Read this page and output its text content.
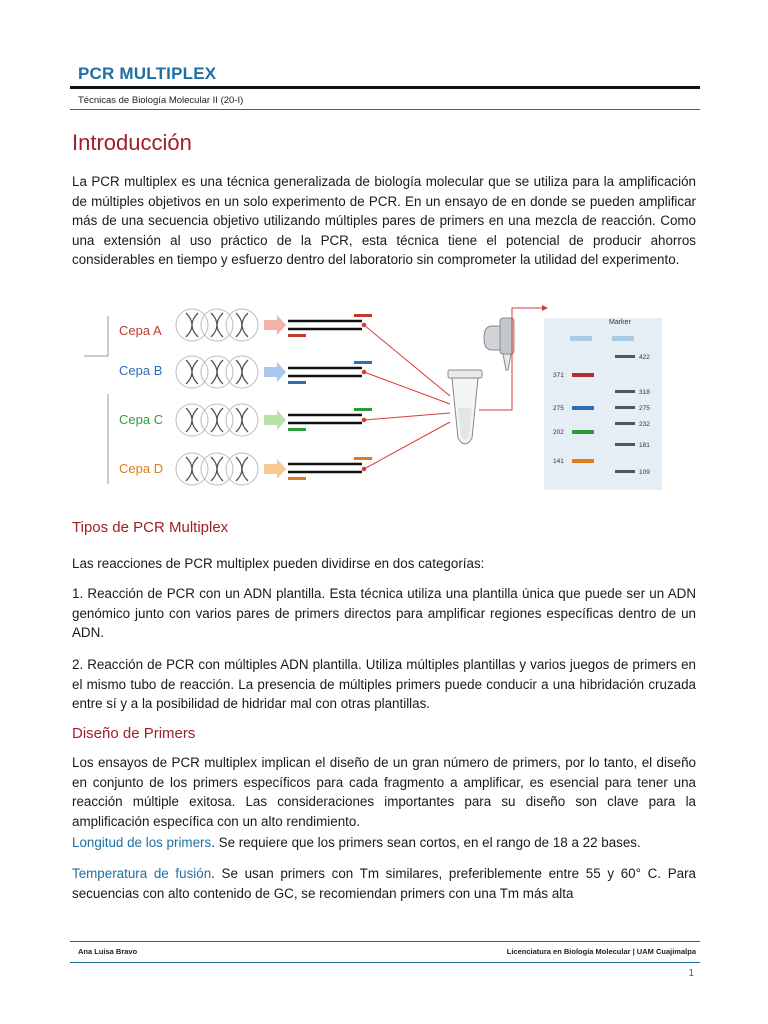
PCR MULTIPLEX
Técnicas de Biología Molecular II (20-I)
Introducción
La PCR multiplex es una técnica generalizada de biología molecular que se utiliza para la amplificación de múltiples objetivos en un solo experimento de PCR. En un ensayo de en donde se pueden amplificar más de una secuencia objetivo utilizando múltiples pares de primers en una mezcla de reacción. Como una extensión al uso práctico de la PCR, esta técnica tiene el potencial de producir ahorros considerables en tiempo y esfuerzo dentro del laboratorio sin comprometer la utilidad del experimento.
Cepa A
Cepa B
Cepa C
Cepa D
Marker
371
275
202
141
422
318
275
232
181
109
Tipos de PCR Multiplex
Las reacciones de PCR multiplex pueden dividirse en dos categorías:
1. Reacción de PCR con un ADN plantilla. Esta técnica utiliza una plantilla única que puede ser un ADN genómico junto con varios pares de primers directos para amplificar regiones específicas dentro de un ADN.
2. Reacción de PCR con múltiples ADN plantilla. Utiliza múltiples plantillas y varios juegos de primers en el mismo tubo de reacción. La presencia de múltiples primers puede conducir a una hibridación cruzada entre sí y a la posibilidad de hidridar mal con otras plantillas.
Diseño de Primers
Los ensayos de PCR multiplex implican el diseño de un gran número de primers, por lo tanto, el diseño en conjunto de los primers específicos para cada fragmento a amplificar, es esencial para tener una reacción múltiple exitosa. Las consideraciones importantes para su diseño son clave para la amplificación específica con un alto rendimiento.
Longitud de los primers. Se requiere que los primers sean cortos, en el rango de 18 a 22 bases.
Temperatura de fusión. Se usan primers con Tm similares, preferiblemente entre 55 y 60° C. Para secuencias con alto contenido de GC, se recomiendan primers con una Tm más alta
Ana Luisa Bravo	Licenciatura en Biología Molecular | UAM Cuajimalpa
1
